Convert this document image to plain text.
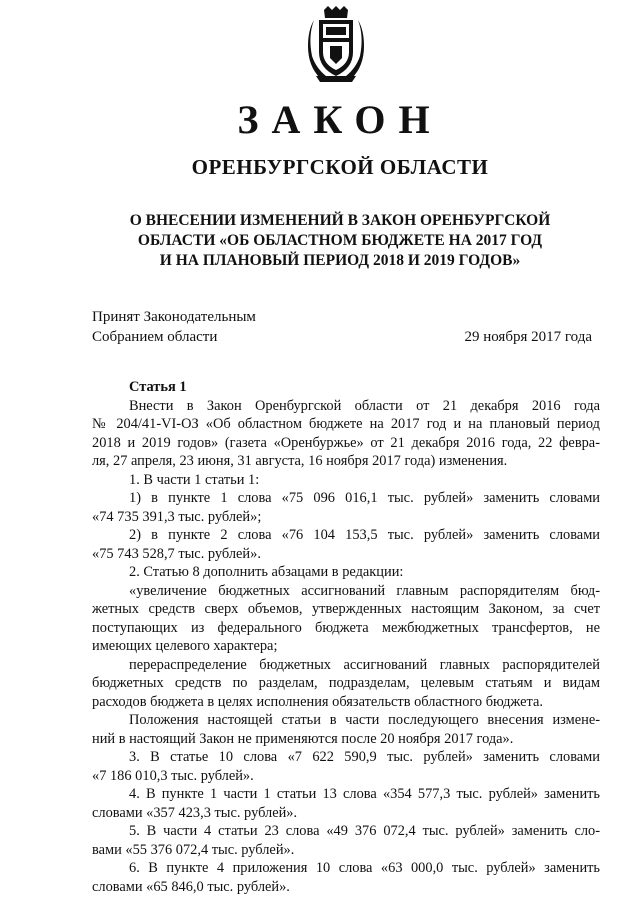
ЗАКОН
ОРЕНБУРГСКОЙ ОБЛАСТИ
О ВНЕСЕНИИ ИЗМЕНЕНИЙ В ЗАКОН ОРЕНБУРГСКОЙ
ОБЛАСТИ «ОБ ОБЛАСТНОМ БЮДЖЕТЕ НА 2017 ГОД
И НА ПЛАНОВЫЙ ПЕРИОД 2018 И 2019 ГОДОВ»
Принят Законодательным
Собранием области	29 ноября 2017 года
Статья 1
Внести в Закон Оренбургской области от 21 декабря 2016 года
№ 204/41-VI-ОЗ «Об областном бюджете на 2017 год и на плановый период
2018 и 2019 годов» (газета «Оренбуржье» от 21 декабря 2016 года, 22 февра-
ля, 27 апреля, 23 июня, 31 августа, 16 ноября 2017 года) изменения.
1. В части 1 статьи 1:
1) в пункте 1 слова «75 096 016,1 тыс. рублей» заменить словами
«74 735 391,3 тыс. рублей»;
2) в пункте 2 слова «76 104 153,5 тыс. рублей» заменить словами
«75 743 528,7 тыс. рублей».
2. Статью 8 дополнить абзацами в редакции:
«увеличение бюджетных ассигнований главным распорядителям бюд-
жетных средств сверх объемов, утвержденных настоящим Законом, за счет
поступающих из федерального бюджета межбюджетных трансфертов, не
имеющих целевого характера;
перераспределение бюджетных ассигнований главных распорядителей
бюджетных средств по разделам, подразделам, целевым статьям и видам
расходов бюджета в целях исполнения обязательств областного бюджета.
Положения настоящей статьи в части последующего внесения измене-
ний в настоящий Закон не применяются после 20 ноября 2017 года».
3. В статье 10 слова «7 622 590,9 тыс. рублей» заменить словами
«7 186 010,3 тыс. рублей».
4. В пункте 1 части 1 статьи 13 слова «354 577,3 тыс. рублей» заменить
словами «357 423,3 тыс. рублей».
5. В части 4 статьи 23 слова «49 376 072,4 тыс. рублей» заменить сло-
вами «55 376 072,4 тыс. рублей».
6. В пункте 4 приложения 10 слова «63 000,0 тыс. рублей» заменить
словами «65 846,0 тыс. рублей».
